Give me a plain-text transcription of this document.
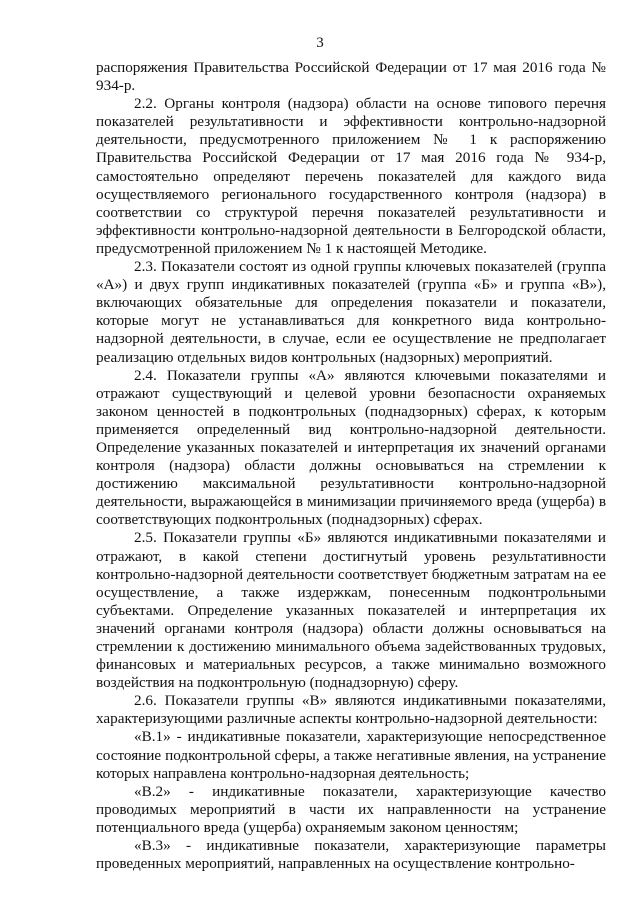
3

распоряжения Правительства Российской Федерации от 17 мая 2016 года № 934-р.

2.2. Органы контроля (надзора) области на основе типового перечня показателей результативности и эффективности контрольно-надзорной деятельности, предусмотренного приложением № 1 к распоряжению Правительства Российской Федерации от 17 мая 2016 года № 934-р, самостоятельно определяют перечень показателей для каждого вида осуществляемого регионального государственного контроля (надзора) в соответствии со структурой перечня показателей результативности и эффективности контрольно-надзорной деятельности в Белгородской области, предусмотренной приложением № 1 к настоящей Методике.

2.3. Показатели состоят из одной группы ключевых показателей (группа «А») и двух групп индикативных показателей (группа «Б» и группа «В»), включающих обязательные для определения показатели и показатели, которые могут не устанавливаться для конкретного вида контрольно-надзорной деятельности, в случае, если ее осуществление не предполагает реализацию отдельных видов контрольных (надзорных) мероприятий.

2.4. Показатели группы «А» являются ключевыми показателями и отражают существующий и целевой уровни безопасности охраняемых законом ценностей в подконтрольных (поднадзорных) сферах, к которым применяется определенный вид контрольно-надзорной деятельности. Определение указанных показателей и интерпретация их значений органами контроля (надзора) области должны основываться на стремлении к достижению максимальной результативности контрольно-надзорной деятельности, выражающейся в минимизации причиняемого вреда (ущерба) в соответствующих подконтрольных (поднадзорных) сферах.

2.5. Показатели группы «Б» являются индикативными показателями и отражают, в какой степени достигнутый уровень результативности контрольно-надзорной деятельности соответствует бюджетным затратам на ее осуществление, а также издержкам, понесенным подконтрольными субъектами. Определение указанных показателей и интерпретация их значений органами контроля (надзора) области должны основываться на стремлении к достижению минимального объема задействованных трудовых, финансовых и материальных ресурсов, а также минимально возможного воздействия на подконтрольную (поднадзорную) сферу.

2.6. Показатели группы «В» являются индикативными показателями, характеризующими различные аспекты контрольно-надзорной деятельности:

«В.1» - индикативные показатели, характеризующие непосредственное состояние подконтрольной сферы, а также негативные явления, на устранение которых направлена контрольно-надзорная деятельность;

«В.2» - индикативные показатели, характеризующие качество проводимых мероприятий в части их направленности на устранение потенциального вреда (ущерба) охраняемым законом ценностям;

«В.3» - индикативные показатели, характеризующие параметры проведенных мероприятий, направленных на осуществление контрольно-
